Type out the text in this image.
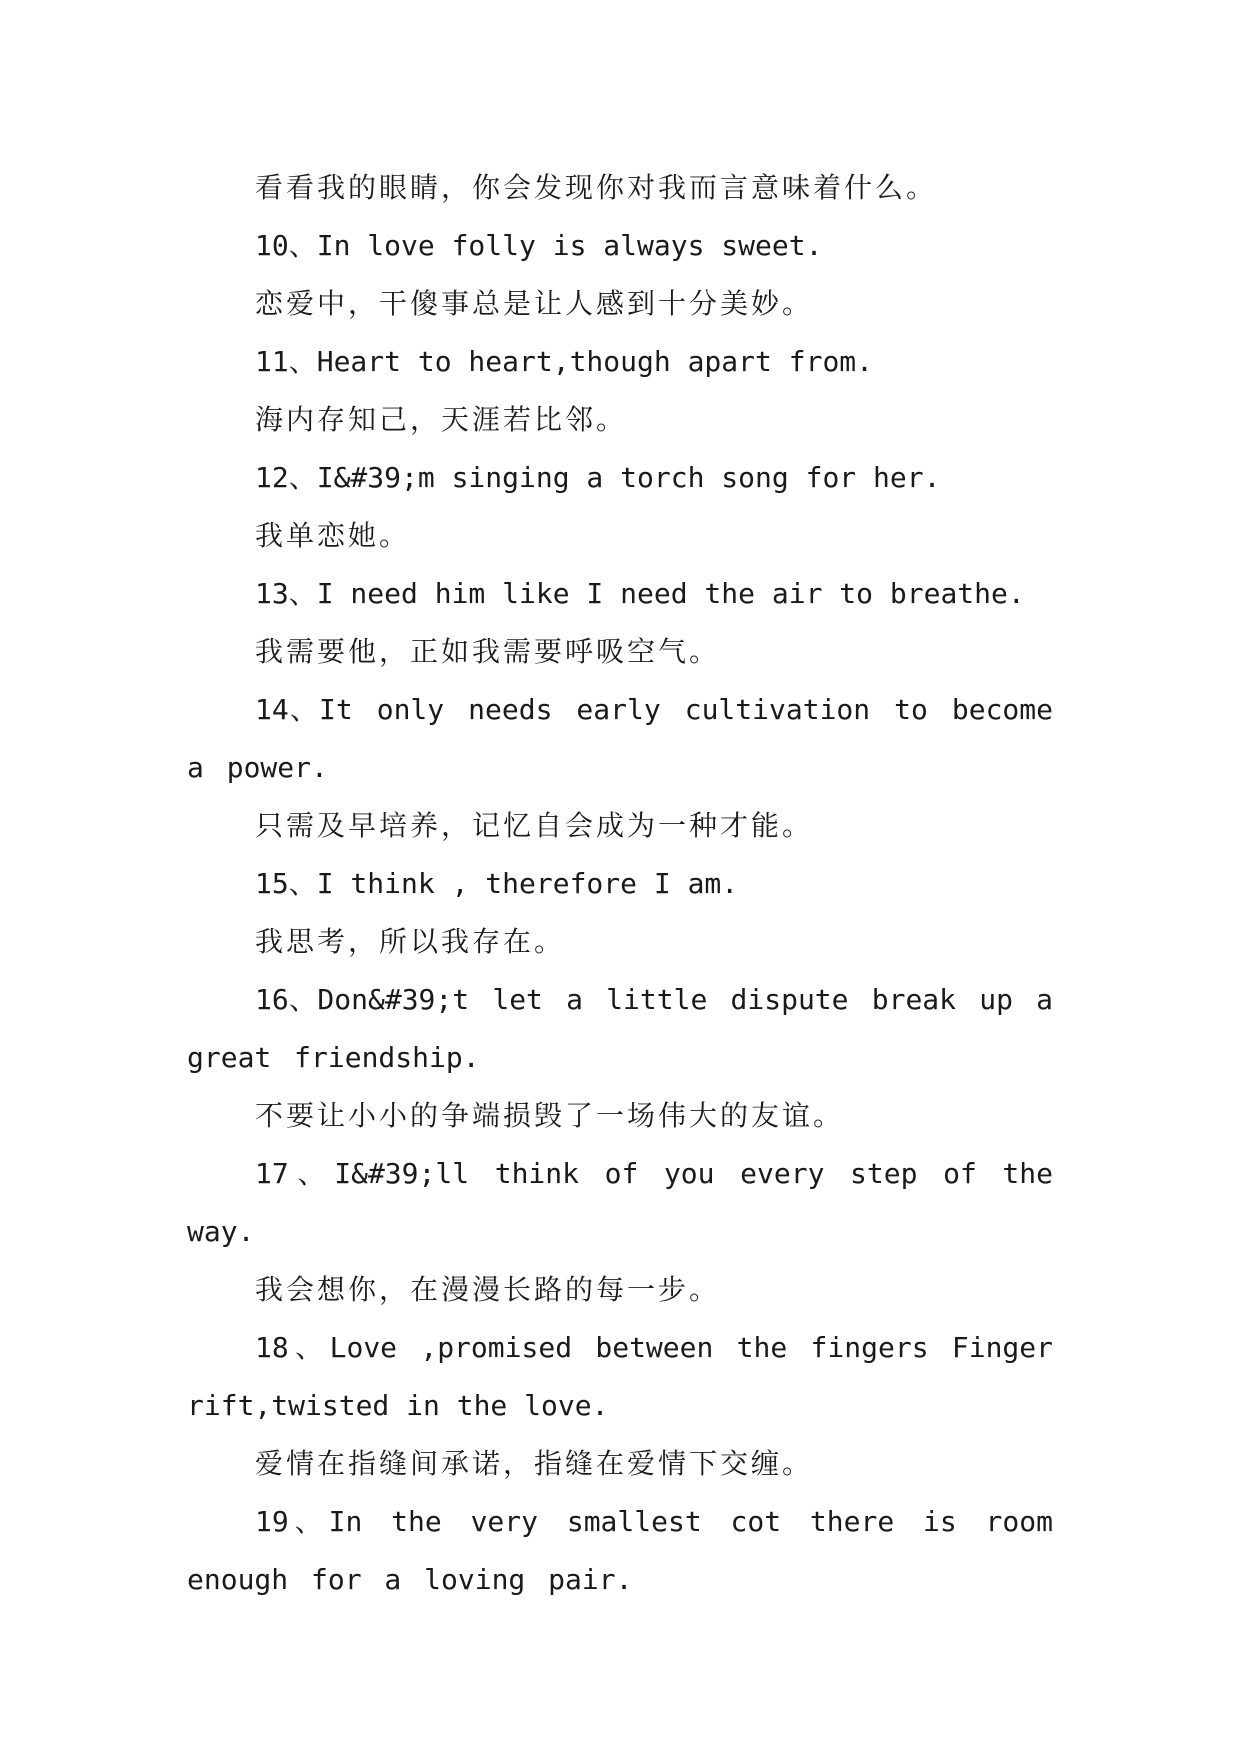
看看我的眼睛，你会发现你对我而言意味着什么。

10、In love folly is always sweet.

恋爱中，干傻事总是让人感到十分美妙。

11、Heart to heart,though apart from.

海内存知己，天涯若比邻。

12、I&#39;m singing a torch song for her.

我单恋她。

13、I need him like I need the air to breathe.

我需要他，正如我需要呼吸空气。

14、It only needs early cultivation to become a power.

只需及早培养，记忆自会成为一种才能。

15、I think , therefore I am.

我思考，所以我存在。

16、Don&#39;t let a little dispute break up a great friendship.

不要让小小的争端损毁了一场伟大的友谊。

17、I&#39;ll think of you every step of the way.

我会想你，在漫漫长路的每一步。

18、Love ,promised between the fingers Finger rift,twisted in the love.

爱情在指缝间承诺，指缝在爱情下交缠。

19、In the very smallest cot there is room enough for a loving pair.
